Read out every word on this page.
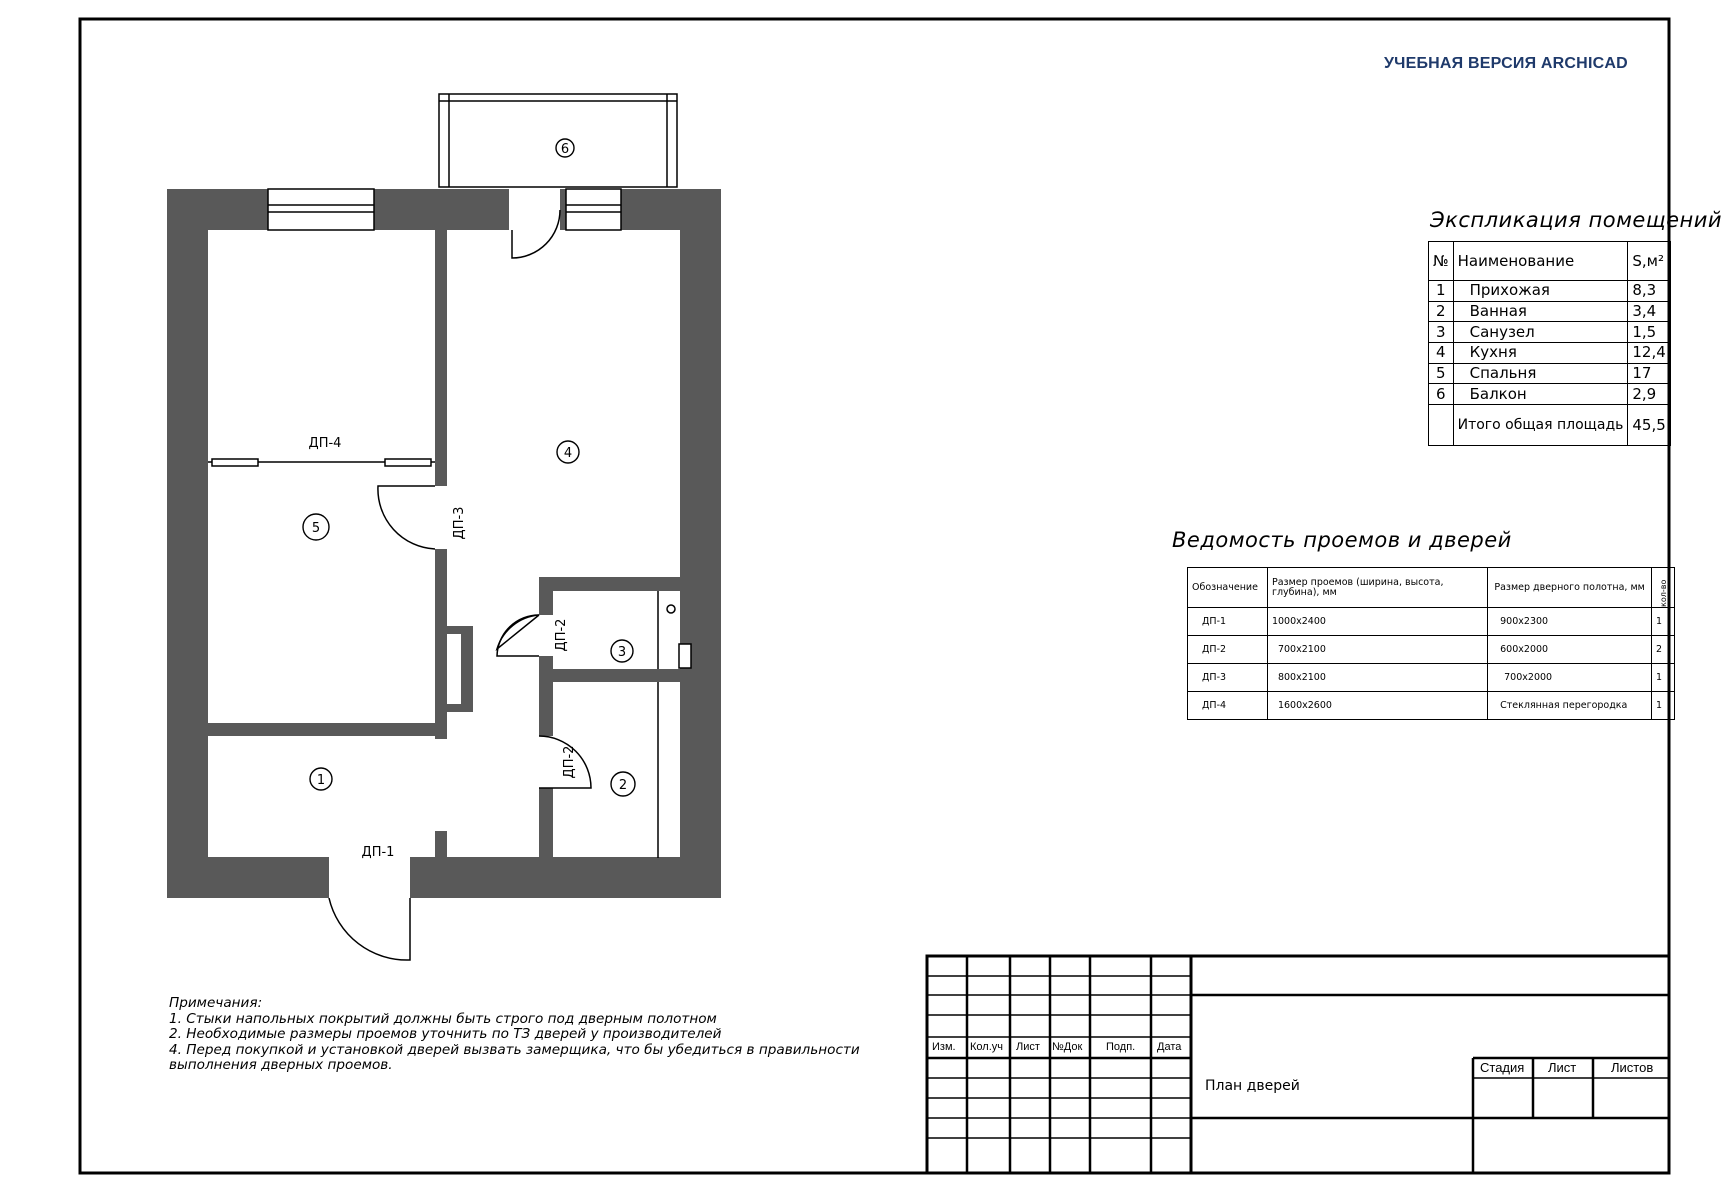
1	2
3
4
5
6
ДП-1
ДП-4
ДП-3
ДП-2
ДП-2
УЧЕБНАЯ ВЕРСИЯ ARCHICAD
Экспликация помещений
№	Наименование	S,м²
1	Прихожая	8,3
2	Ванная	3,4
3	Санузел	1,5
4	Кухня	12,4
5	Спальня	17
6	Балкон	2,9
	Итого общая площадь	45,5
Ведомость проемов и дверей
Обозначение	Размер проемов (ширина, высота, глубина), мм	Размер дверного полотна, мм	кол-во
ДП-1	1000х2400	900х2300	1
ДП-2	700х2100	600х2000	2
ДП-3	800х2100	700х2000	1
ДП-4	1600х2600	Стеклянная перегородка	1
Примечания:
1. Стыки напольных покрытий должны быть строго под дверным полотном
2. Необходимые размеры проемов уточнить по ТЗ дверей у производителей
4. Перед покупкой и установкой дверей вызвать замерщика, что бы убедиться в правильности
выполнения дверных проемов.
Изм. Кол.уч Лист №Док Подп. Дата
План дверей
Стадия Лист	Листов
